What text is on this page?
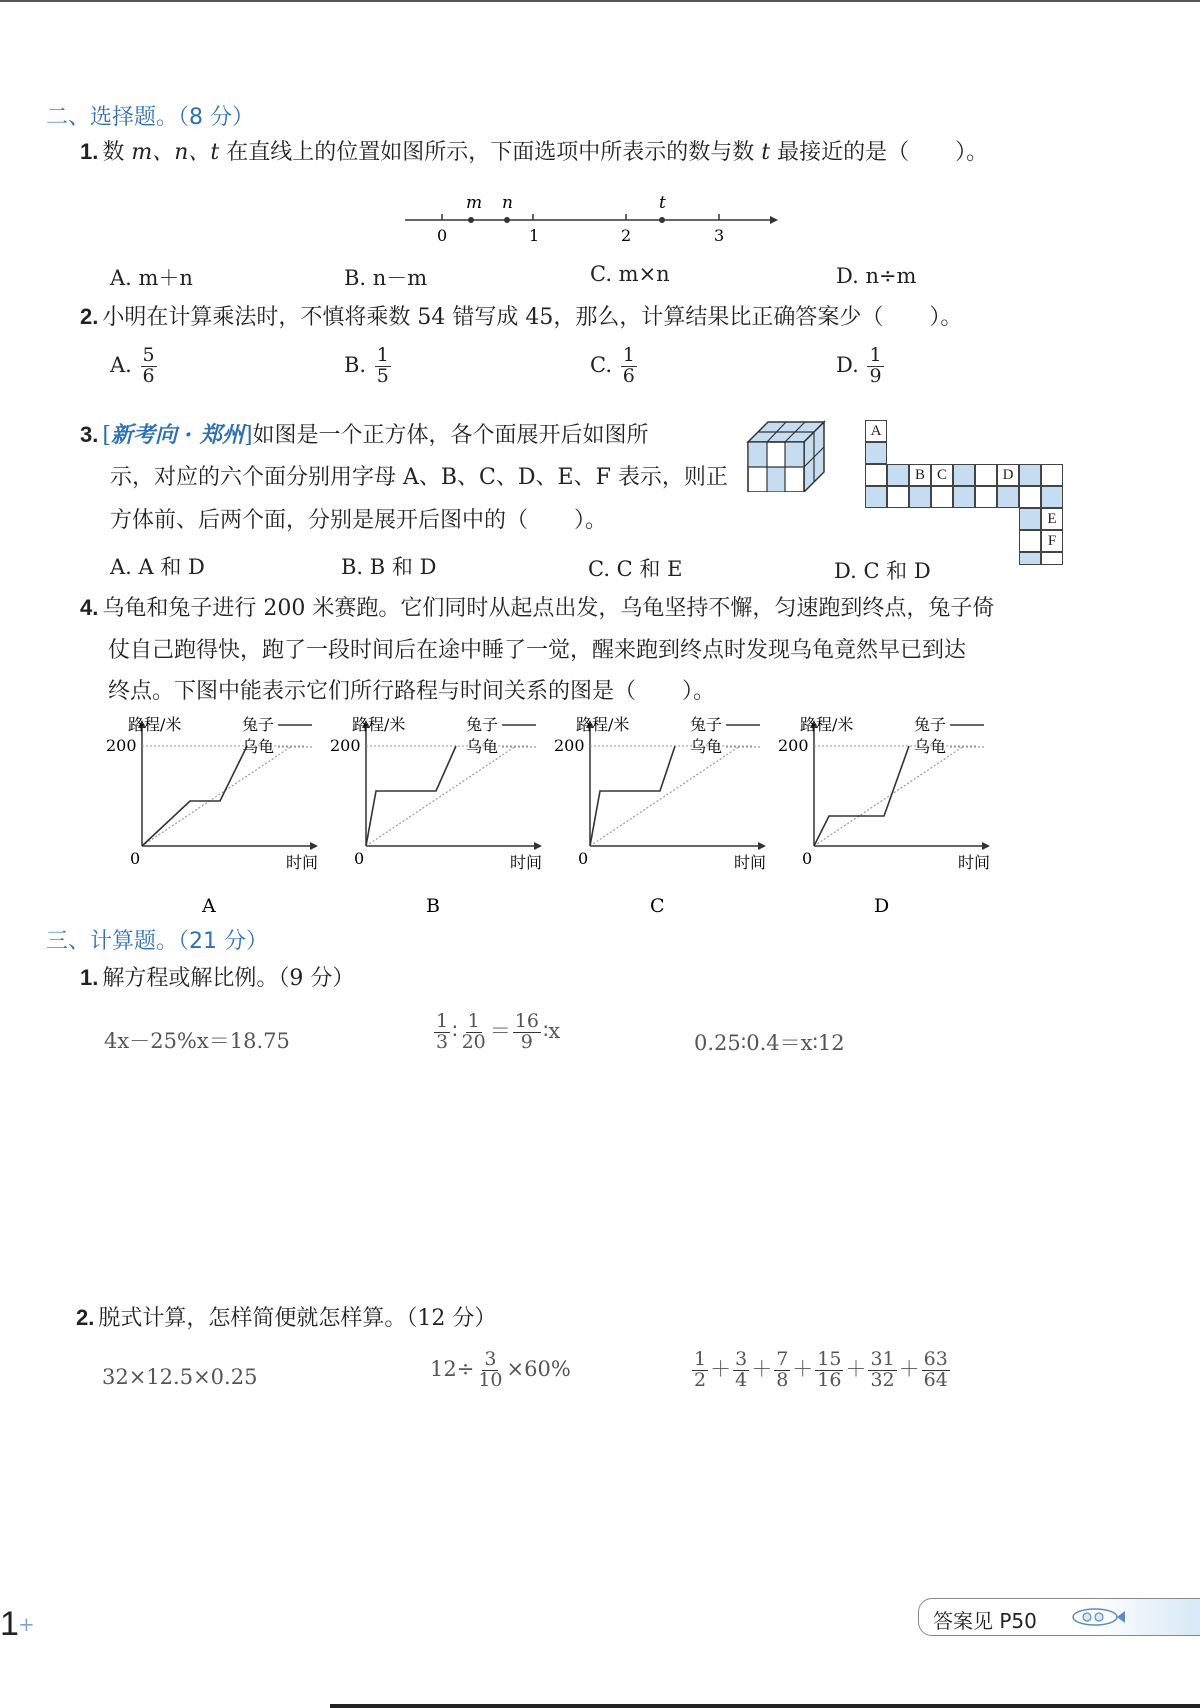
二、选择题。（8 分）
1. 数 m、n、t 在直线上的位置如图所示，下面选项中所表示的数与数 t 最接近的是（ ）。
m n	t
0	1	2	3
A. m＋n	B. n－m	C. m×n	D. n÷m
2. 小明在计算乘法时，不慎将乘数 54 错写成 45，那么，计算结果比正确答案少（ ）。
A. $\frac{5}{6}$	B. $\frac{1}{5}$	C. $\frac{1}{6}$	D. $\frac{1}{9}$
3. [新考向 · 郑州]如图是一个正方体，各个面展开后如图所
示，对应的六个面分别用字母 A、B、C、D、E、F 表示，则正
方体前、后两个面，分别是展开后图中的（ ）。
A
B C	D
E
F
A. A 和 D	B. B 和 D	C. C 和 E	D. C 和 D
4. 乌龟和兔子进行 200 米赛跑。它们同时从起点出发，乌龟坚持不懈，匀速跑到终点，兔子倚
仗自己跑得快，跑了一段时间后在途中睡了一觉，醒来跑到终点时发现乌龟竟然早已到达
终点。下图中能表示它们所行路程与时间关系的图是（ ）。
路程/米
200
0	时间
兔子
乌龟
A
路程/米
200
0	时间
兔子
乌龟
B
路程/米
200
0	时间
兔子
乌龟
C
路程/米
200
0	时间
兔子
乌龟
D
三、计算题。（21 分）
1. 解方程或解比例。（9 分）
4x－25%x＝18.75	$\frac{1}{3}$ ∶ $\frac{1}{20} = \frac{16}{9}$ ∶x
0.25∶0.4＝x∶12
2. 脱式计算，怎样简便就怎样算。（12 分）
32×12.5×0.25	$12\div \frac{3}{10} \times 60\%$	$\frac{1}{2} + \frac{3}{4} + \frac{7}{8} + \frac{15}{16} + \frac{31}{32} + \frac{63}{64}$
1 +	答案见 P50
